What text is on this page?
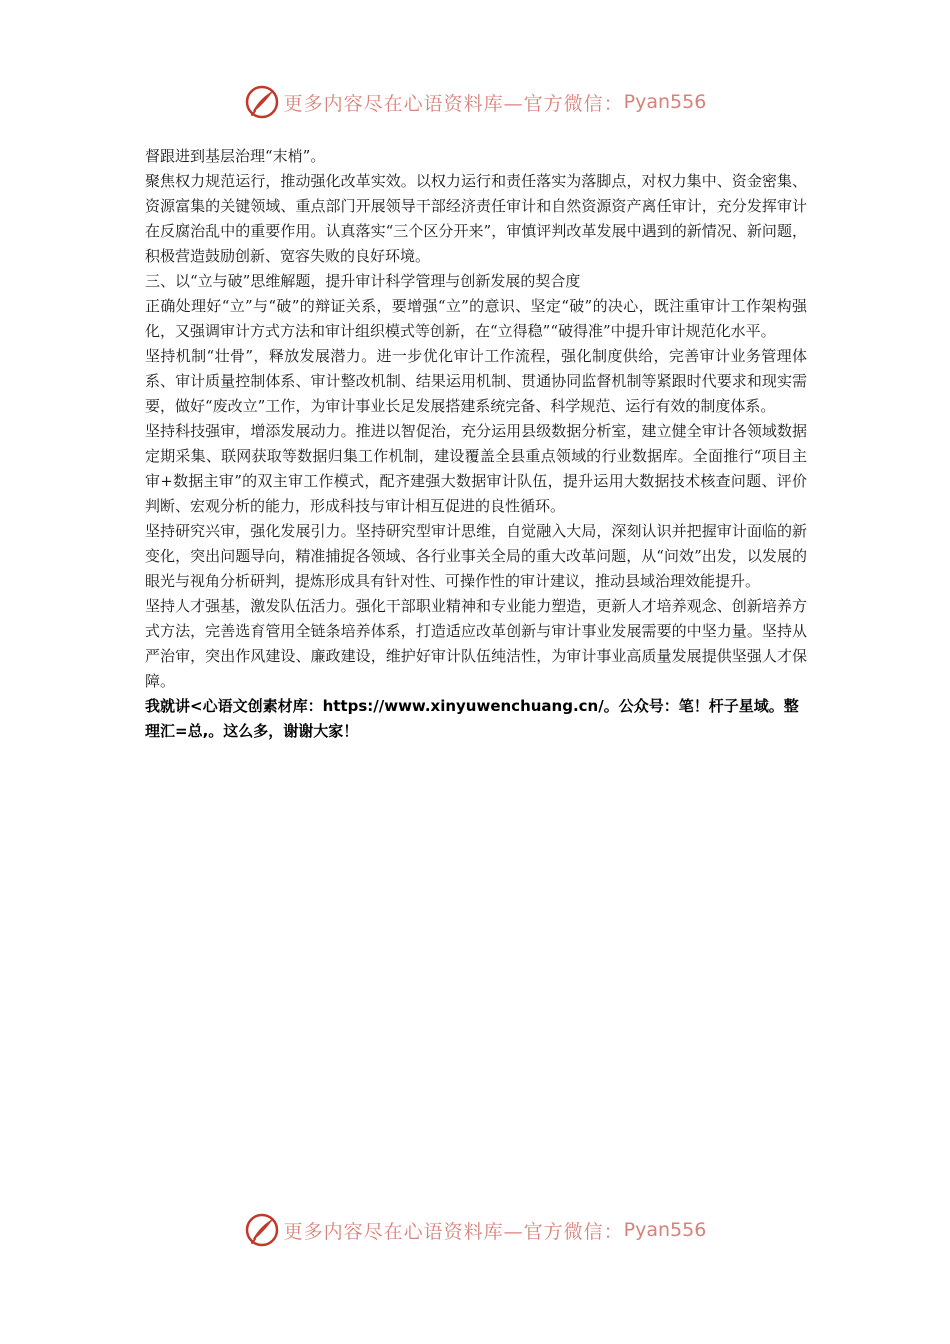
更多内容尽在心语资料库—官方微信： Pyan556

督跟进到基层治理“末梢”。

聚焦权力规范运行，推动强化改革实效。以权力运行和责任落实为落脚点，对权力集中、资金密集、资源富集的关键领域、重点部门开展领导干部经济责任审计和自然资源资产离任审计，充分发挥审计在反腐治乱中的重要作用。认真落实“三个区分开来”，审慎评判改革发展中遇到的新情况、新问题，积极营造鼓励创新、宽容失败的良好环境。

三、以“立与破”思维解题，提升审计科学管理与创新发展的契合度

正确处理好“立”与“破”的辩证关系，要增强“立”的意识、坚定“破”的决心，既注重审计工作架构强化，又强调审计方式方法和审计组织模式等创新，在“立得稳”“破得准”中提升审计规范化水平。

坚持机制“壮骨”，释放发展潜力。进一步优化审计工作流程，强化制度供给，完善审计业务管理体系、审计质量控制体系、审计整改机制、结果运用机制、贯通协同监督机制等紧跟时代要求和现实需要，做好“废改立”工作，为审计事业长足发展搭建系统完备、科学规范、运行有效的制度体系。

坚持科技强审，增添发展动力。推进以智促治，充分运用县级数据分析室，建立健全审计各领域数据定期采集、联网获取等数据归集工作机制，建设覆盖全县重点领域的行业数据库。全面推行“项目主审+数据主审”的双主审工作模式，配齐建强大数据审计队伍，提升运用大数据技术核查问题、评价判断、宏观分析的能力，形成科技与审计相互促进的良性循环。

坚持研究兴审，强化发展引力。坚持研究型审计思维，自觉融入大局，深刻认识并把握审计面临的新变化，突出问题导向，精准捕捉各领域、各行业事关全局的重大改革问题，从“问效”出发，以发展的眼光与视角分析研判，提炼形成具有针对性、可操作性的审计建议，推动县域治理效能提升。

坚持人才强基，激发队伍活力。强化干部职业精神和专业能力塑造，更新人才培养观念、创新培养方式方法，完善选育管用全链条培养体系，打造适应改革创新与审计事业发展需要的中坚力量。坚持从严治审，突出作风建设、廉政建设，维护好审计队伍纯洁性，为审计事业高质量发展提供坚强人才保障。

我就讲<心语文创素材库：https://www.xinyuwenchuang.cn/。公众号：笔！杆子星域。整理汇=总,。这么多，谢谢大家！

更多内容尽在心语资料库—官方微信： Pyan556
